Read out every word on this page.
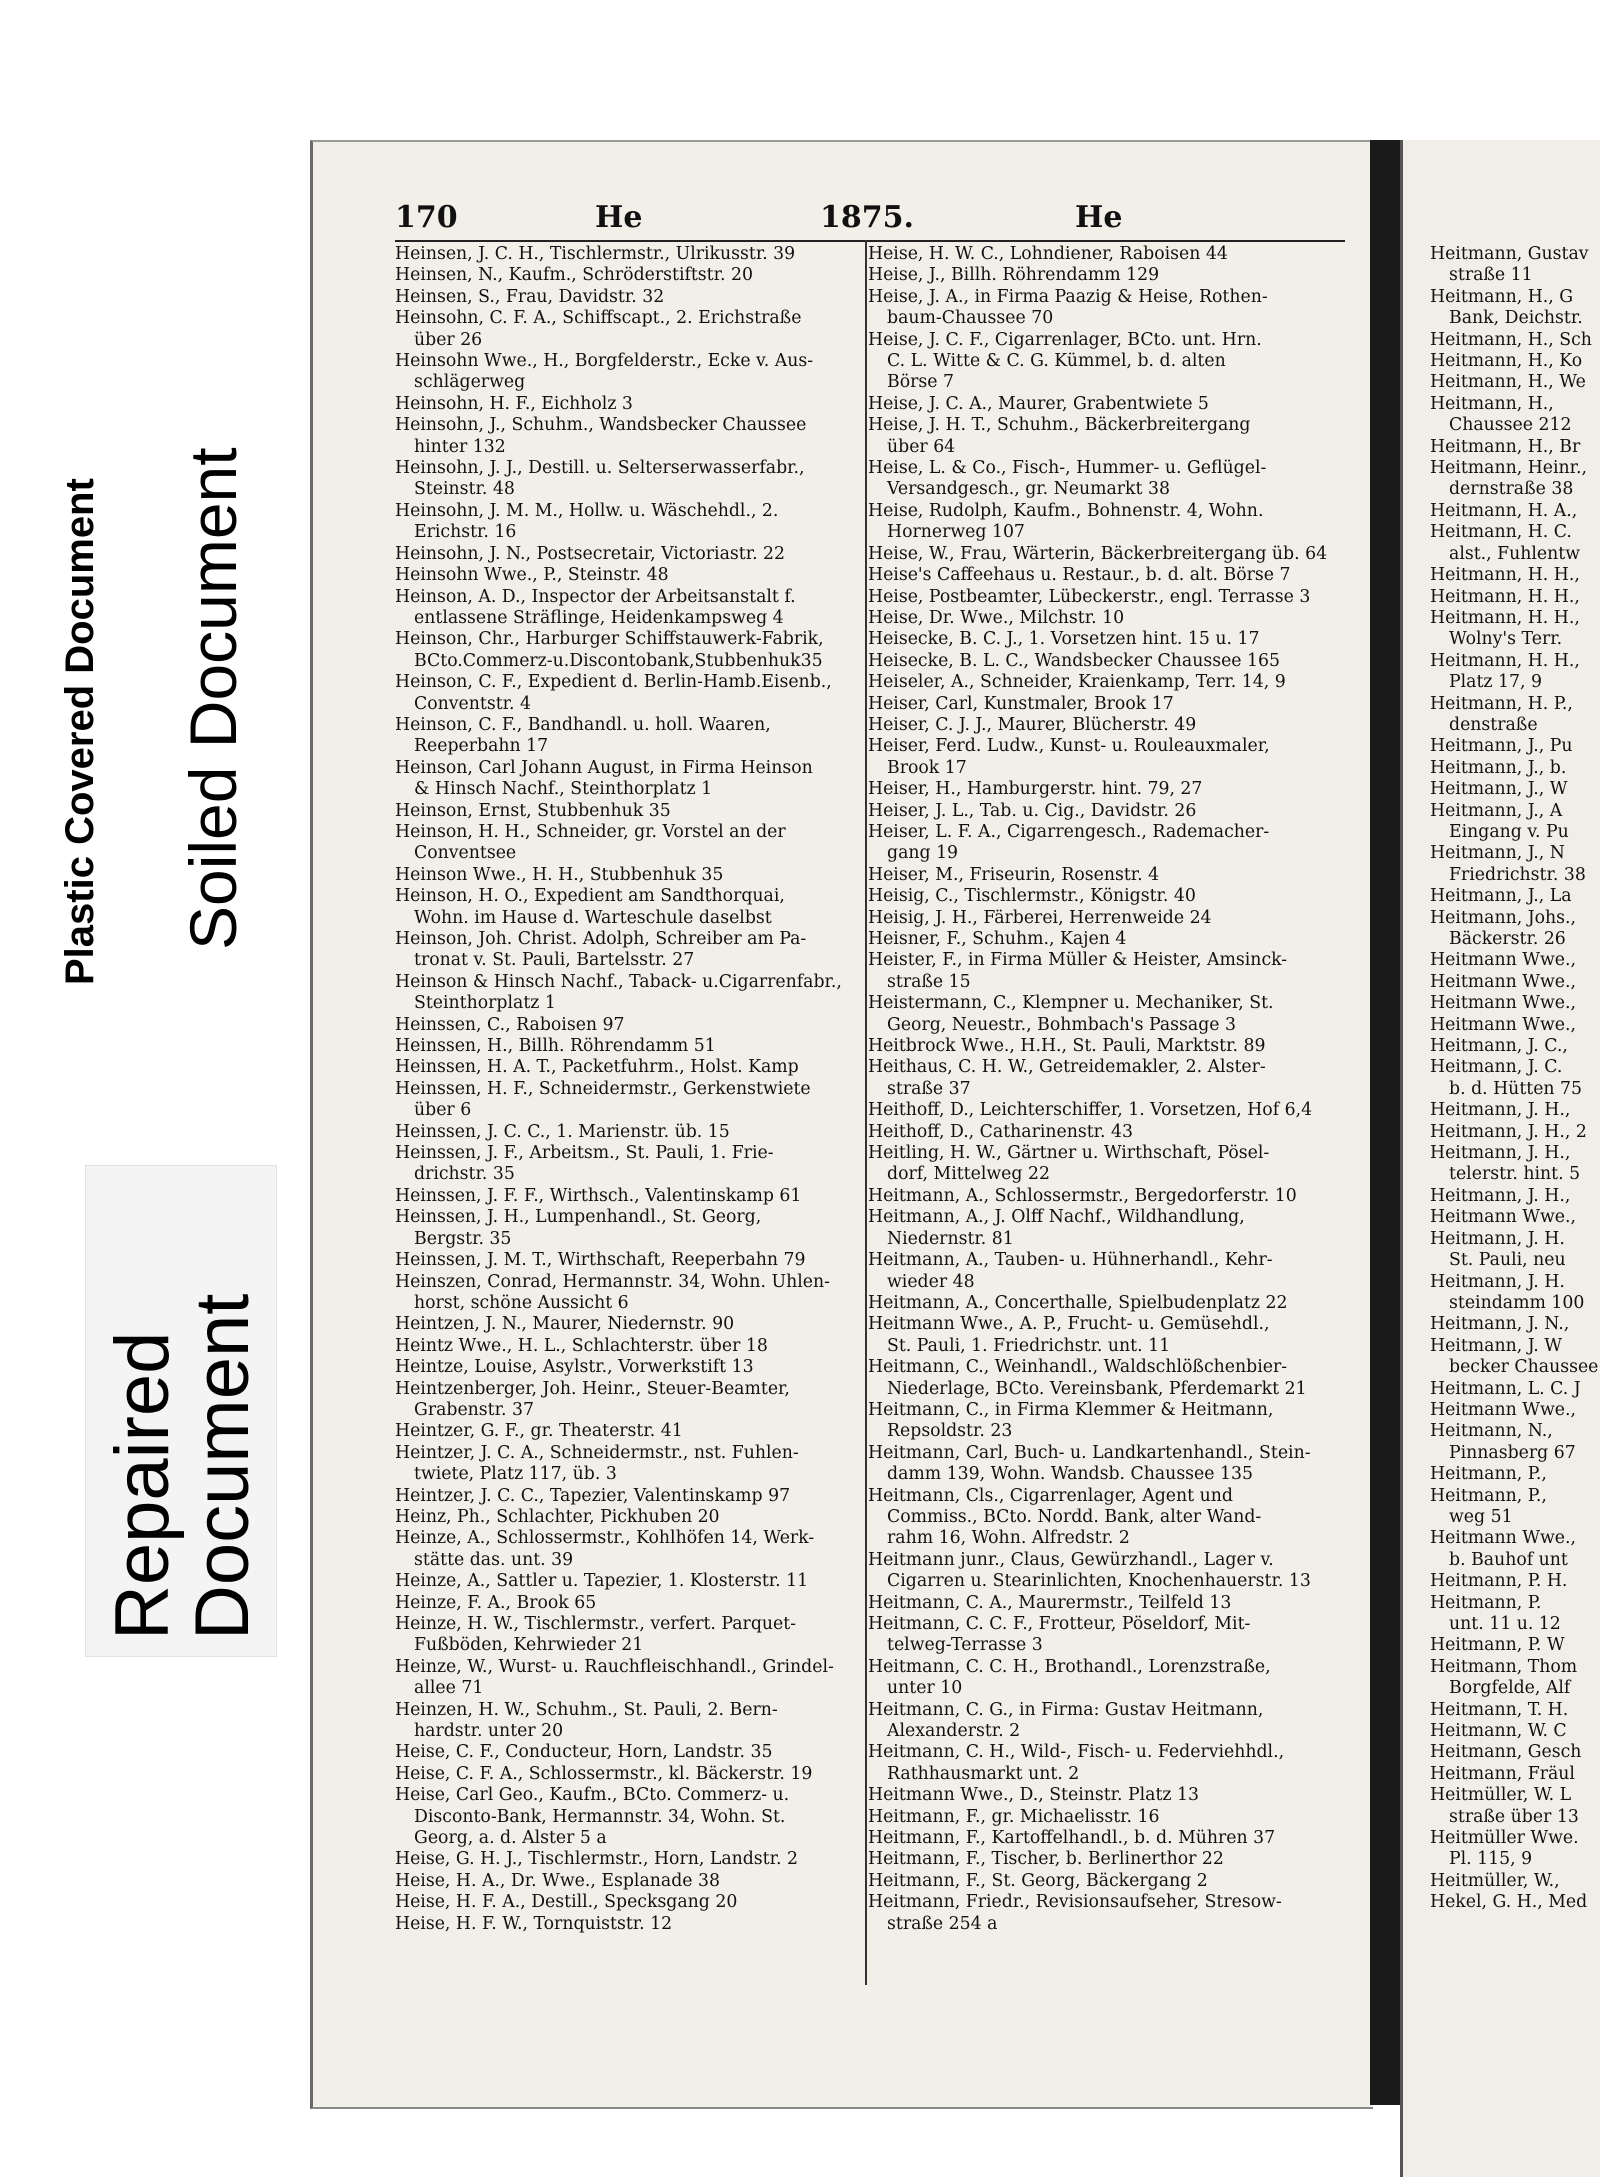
Plastic Covered Document Soiled Document
Repaired
Document
170	He	1875.	He

Heinsen, J. C. H., Tischlermstr., Ulrikusstr. 39

Heinsen, N., Kaufm., Schröderstiftstr. 20

Heinsen, S., Frau, Davidstr. 32

Heinsohn, C. F. A., Schiffscapt., 2. Erichstraße

über 26

Heinsohn Wwe., H., Borgfelderstr., Ecke v. Aus-

schlägerweg

Heinsohn, H. F., Eichholz 3

Heinsohn, J., Schuhm., Wandsbecker Chaussee

hinter 132

Heinsohn, J. J., Destill. u. Selterserwasserfabr.,

Steinstr. 48

Heinsohn, J. M. M., Hollw. u. Wäschehdl., 2.

Erichstr. 16

Heinsohn, J. N., Postsecretair, Victoriastr. 22

Heinsohn Wwe., P., Steinstr. 48

Heinson, A. D., Inspector der Arbeitsanstalt f.

entlassene Sträflinge, Heidenkampsweg 4

Heinson, Chr., Harburger Schiffstauwerk-Fabrik,

BCto.Commerz-u.Discontobank,Stubbenhuk35

Heinson, C. F., Expedient d. Berlin-Hamb.Eisenb.,

Conventstr. 4

Heinson, C. F., Bandhandl. u. holl. Waaren,

Reeperbahn 17

Heinson, Carl Johann August, in Firma Heinson

& Hinsch Nachf., Steinthorplatz 1

Heinson, Ernst, Stubbenhuk 35

Heinson, H. H., Schneider, gr. Vorstel an der

Conventsee

Heinson Wwe., H. H., Stubbenhuk 35

Heinson, H. O., Expedient am Sandthorquai,

Wohn. im Hause d. Warteschule daselbst

Heinson, Joh. Christ. Adolph, Schreiber am Pa-

tronat v. St. Pauli, Bartelsstr. 27

Heinson & Hinsch Nachf., Taback- u.Cigarrenfabr.,

Steinthorplatz 1

Heinssen, C., Raboisen 97

Heinssen, H., Billh. Röhrendamm 51

Heinssen, H. A. T., Packetfuhrm., Holst. Kamp

Heinssen, H. F., Schneidermstr., Gerkenstwiete

über 6

Heinssen, J. C. C., 1. Marienstr. üb. 15

Heinssen, J. F., Arbeitsm., St. Pauli, 1. Frie-

drichstr. 35

Heinssen, J. F. F., Wirthsch., Valentinskamp 61

Heinssen, J. H., Lumpenhandl., St. Georg,

Bergstr. 35

Heinssen, J. M. T., Wirthschaft, Reeperbahn 79

Heinszen, Conrad, Hermannstr. 34, Wohn. Uhlen-

horst, schöne Aussicht 6

Heintzen, J. N., Maurer, Niedernstr. 90

Heintz Wwe., H. L., Schlachterstr. über 18

Heintze, Louise, Asylstr., Vorwerkstift 13

Heintzenberger, Joh. Heinr., Steuer-Beamter,

Grabenstr. 37

Heintzer, G. F., gr. Theaterstr. 41

Heintzer, J. C. A., Schneidermstr., nst. Fuhlen-

twiete, Platz 117, üb. 3

Heintzer, J. C. C., Tapezier, Valentinskamp 97

Heinz, Ph., Schlachter, Pickhuben 20

Heinze, A., Schlossermstr., Kohlhöfen 14, Werk-

stätte das. unt. 39

Heinze, A., Sattler u. Tapezier, 1. Klosterstr. 11

Heinze, F. A., Brook 65

Heinze, H. W., Tischlermstr., verfert. Parquet-

Fußböden, Kehrwieder 21

Heinze, W., Wurst- u. Rauchfleischhandl., Grindel-

allee 71

Heinzen, H. W., Schuhm., St. Pauli, 2. Bern-

hardstr. unter 20

Heise, C. F., Conducteur, Horn, Landstr. 35

Heise, C. F. A., Schlossermstr., kl. Bäckerstr. 19

Heise, Carl Geo., Kaufm., BCto. Commerz- u.

Disconto-Bank, Hermannstr. 34, Wohn. St.

Georg, a. d. Alster 5 a

Heise, G. H. J., Tischlermstr., Horn, Landstr. 2

Heise, H. A., Dr. Wwe., Esplanade 38

Heise, H. F. A., Destill., Specksgang 20

Heise, H. F. W., Tornquiststr. 12

Heise, H. W. C., Lohndiener, Raboisen 44

Heise, J., Billh. Röhrendamm 129

Heise, J. A., in Firma Paazig & Heise, Rothen-

baum-Chaussee 70

Heise, J. C. F., Cigarrenlager, BCto. unt. Hrn.

C. L. Witte & C. G. Kümmel, b. d. alten

Börse 7

Heise, J. C. A., Maurer, Grabentwiete 5

Heise, J. H. T., Schuhm., Bäckerbreitergang

über 64

Heise, L. & Co., Fisch-, Hummer- u. Geflügel-

Versandgesch., gr. Neumarkt 38

Heise, Rudolph, Kaufm., Bohnenstr. 4, Wohn.

Hornerweg 107

Heise, W., Frau, Wärterin, Bäckerbreitergang üb. 64

Heise's Caffeehaus u. Restaur., b. d. alt. Börse 7

Heise, Postbeamter, Lübeckerstr., engl. Terrasse 3

Heise, Dr. Wwe., Milchstr. 10

Heisecke, B. C. J., 1. Vorsetzen hint. 15 u. 17

Heisecke, B. L. C., Wandsbecker Chaussee 165

Heiseler, A., Schneider, Kraienkamp, Terr. 14, 9

Heiser, Carl, Kunstmaler, Brook 17

Heiser, C. J. J., Maurer, Blücherstr. 49

Heiser, Ferd. Ludw., Kunst- u. Rouleauxmaler,

Brook 17

Heiser, H., Hamburgerstr. hint. 79, 27

Heiser, J. L., Tab. u. Cig., Davidstr. 26

Heiser, L. F. A., Cigarrengesch., Rademacher-

gang 19

Heiser, M., Friseurin, Rosenstr. 4

Heisig, C., Tischlermstr., Königstr. 40

Heisig, J. H., Färberei, Herrenweide 24

Heisner, F., Schuhm., Kajen 4

Heister, F., in Firma Müller & Heister, Amsinck-

straße 15

Heistermann, C., Klempner u. Mechaniker, St.

Georg, Neuestr., Bohmbach's Passage 3

Heitbrock Wwe., H.H., St. Pauli, Marktstr. 89

Heithaus, C. H. W., Getreidemakler, 2. Alster-

straße 37

Heithoff, D., Leichterschiffer, 1. Vorsetzen, Hof 6,4

Heithoff, D., Catharinenstr. 43

Heitling, H. W., Gärtner u. Wirthschaft, Pösel-

dorf, Mittelweg 22

Heitmann, A., Schlossermstr., Bergedorferstr. 10

Heitmann, A., J. Olff Nachf., Wildhandlung,

Niedernstr. 81

Heitmann, A., Tauben- u. Hühnerhandl., Kehr-

wieder 48

Heitmann, A., Concerthalle, Spielbudenplatz 22

Heitmann Wwe., A. P., Frucht- u. Gemüsehdl.,

St. Pauli, 1. Friedrichstr. unt. 11

Heitmann, C., Weinhandl., Waldschlößchenbier-

Niederlage, BCto. Vereinsbank, Pferdemarkt 21

Heitmann, C., in Firma Klemmer & Heitmann,

Repsoldstr. 23

Heitmann, Carl, Buch- u. Landkartenhandl., Stein-

damm 139, Wohn. Wandsb. Chaussee 135

Heitmann, Cls., Cigarrenlager, Agent und

Commiss., BCto. Nordd. Bank, alter Wand-

rahm 16, Wohn. Alfredstr. 2

Heitmann junr., Claus, Gewürzhandl., Lager v.

Cigarren u. Stearinlichten, Knochenhauerstr. 13

Heitmann, C. A., Maurermstr., Teilfeld 13

Heitmann, C. C. F., Frotteur, Pöseldorf, Mit-

telweg-Terrasse 3

Heitmann, C. C. H., Brothandl., Lorenzstraße,

unter 10

Heitmann, C. G., in Firma: Gustav Heitmann,

Alexanderstr. 2

Heitmann, C. H., Wild-, Fisch- u. Federviehhdl.,

Rathhausmarkt unt. 2

Heitmann Wwe., D., Steinstr. Platz 13

Heitmann, F., gr. Michaelisstr. 16

Heitmann, F., Kartoffelhandl., b. d. Mühren 37

Heitmann, F., Tischer, b. Berlinerthor 22

Heitmann, F., St. Georg, Bäckergang 2

Heitmann, Friedr., Revisionsaufseher, Stresow-

straße 254 a

Heitmann, Gustav

straße 11

Heitmann, H., G

Bank, Deichstr.

Heitmann, H., Sch

Heitmann, H., Ko

Heitmann, H., We

Heitmann, H.,

Chaussee 212

Heitmann, H., Br

Heitmann, Heinr.,

dernstraße 38

Heitmann, H. A.,

Heitmann, H. C.

alst., Fuhlentw

Heitmann, H. H.,

Heitmann, H. H.,

Heitmann, H. H.,

Wolny's Terr.

Heitmann, H. H.,

Platz 17, 9

Heitmann, H. P.,

denstraße

Heitmann, J., Pu

Heitmann, J., b.

Heitmann, J., W

Heitmann, J., A

Eingang v. Pu

Heitmann, J., N

Friedrichstr. 38

Heitmann, J., La

Heitmann, Johs.,

Bäckerstr. 26

Heitmann Wwe.,

Heitmann Wwe.,

Heitmann Wwe.,

Heitmann Wwe.,

Heitmann, J. C.,

Heitmann, J. C.

b. d. Hütten 75

Heitmann, J. H.,

Heitmann, J. H., 2

Heitmann, J. H.,

telerstr. hint. 5

Heitmann, J. H.,

Heitmann Wwe.,

Heitmann, J. H.

St. Pauli, neu

Heitmann, J. H.

steindamm 100

Heitmann, J. N.,

Heitmann, J. W

becker Chaussee

Heitmann, L. C. J

Heitmann Wwe.,

Heitmann, N.,

Pinnasberg 67

Heitmann, P.,

Heitmann, P.,

weg 51

Heitmann Wwe.,

b. Bauhof unt

Heitmann, P. H.

Heitmann, P.

unt. 11 u. 12

Heitmann, P. W

Heitmann, Thom

Borgfelde, Alf

Heitmann, T. H.

Heitmann, W. C

Heitmann, Gesch

Heitmann, Fräul

Heitmüller, W. L

straße über 13

Heitmüller Wwe.

Pl. 115, 9

Heitmüller, W.,

Hekel, G. H., Med
